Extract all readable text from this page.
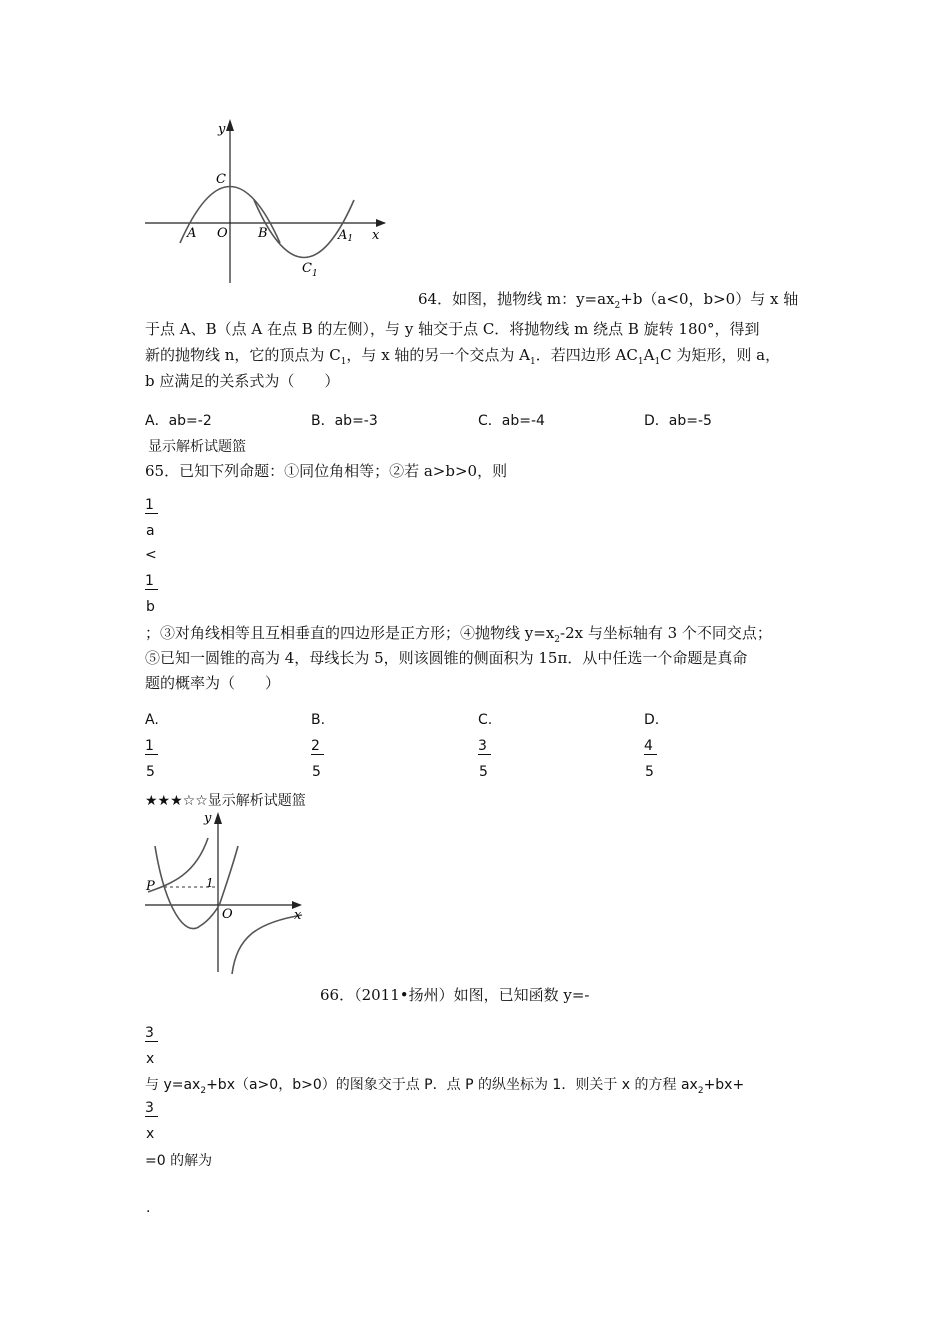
y
C
A O B	A1 x
$C_1$
64．如图，抛物线 m：$y=ax_2+b(a<0$，b>0）与 x 轴
于点 A、B（点 A 在点 B 的左侧），与 y 轴交于点 C．将抛物线 m 绕点 B 旋转 180°，得到
新的抛物线 n，它的顶点为 $C_1$，与 x 轴的另一个交点为 $A_1$．若四边形 $AC_1A_1C$ 为矩形，则 a，
b 应满足的关系式为（　　）
A．ab=-2	B．ab=-3	C．ab=-4	D．ab=-5
显示解析试题篮
65．已知下列命题：①同位角相等；②若 a>b>0，则
1
a
<
1
b
；③对角线相等且互相垂直的四边形是正方形；④抛物线 $y=x_2-2x$ 与坐标轴有 3 个不同交点；
⑤已知一圆锥的高为 4，母线长为 5，则该圆锥的侧面积为 15π．从中任选一个命题是真命
题的概率为（　　）
A.
1
5
B.
2
5
C.
3
5
D.
4
5
★★★☆☆显示解析试题篮
y
P	1
O	x
66．（2011•扬州）如图，已知函数 y=-
3
x
与 $y=ax_2+bx(a>0$，b>0）的图象交于点 P．点 P 的纵坐标为 1．则关于 x 的方程 $ax_2+bx+$
3
x
=0 的解为
.
